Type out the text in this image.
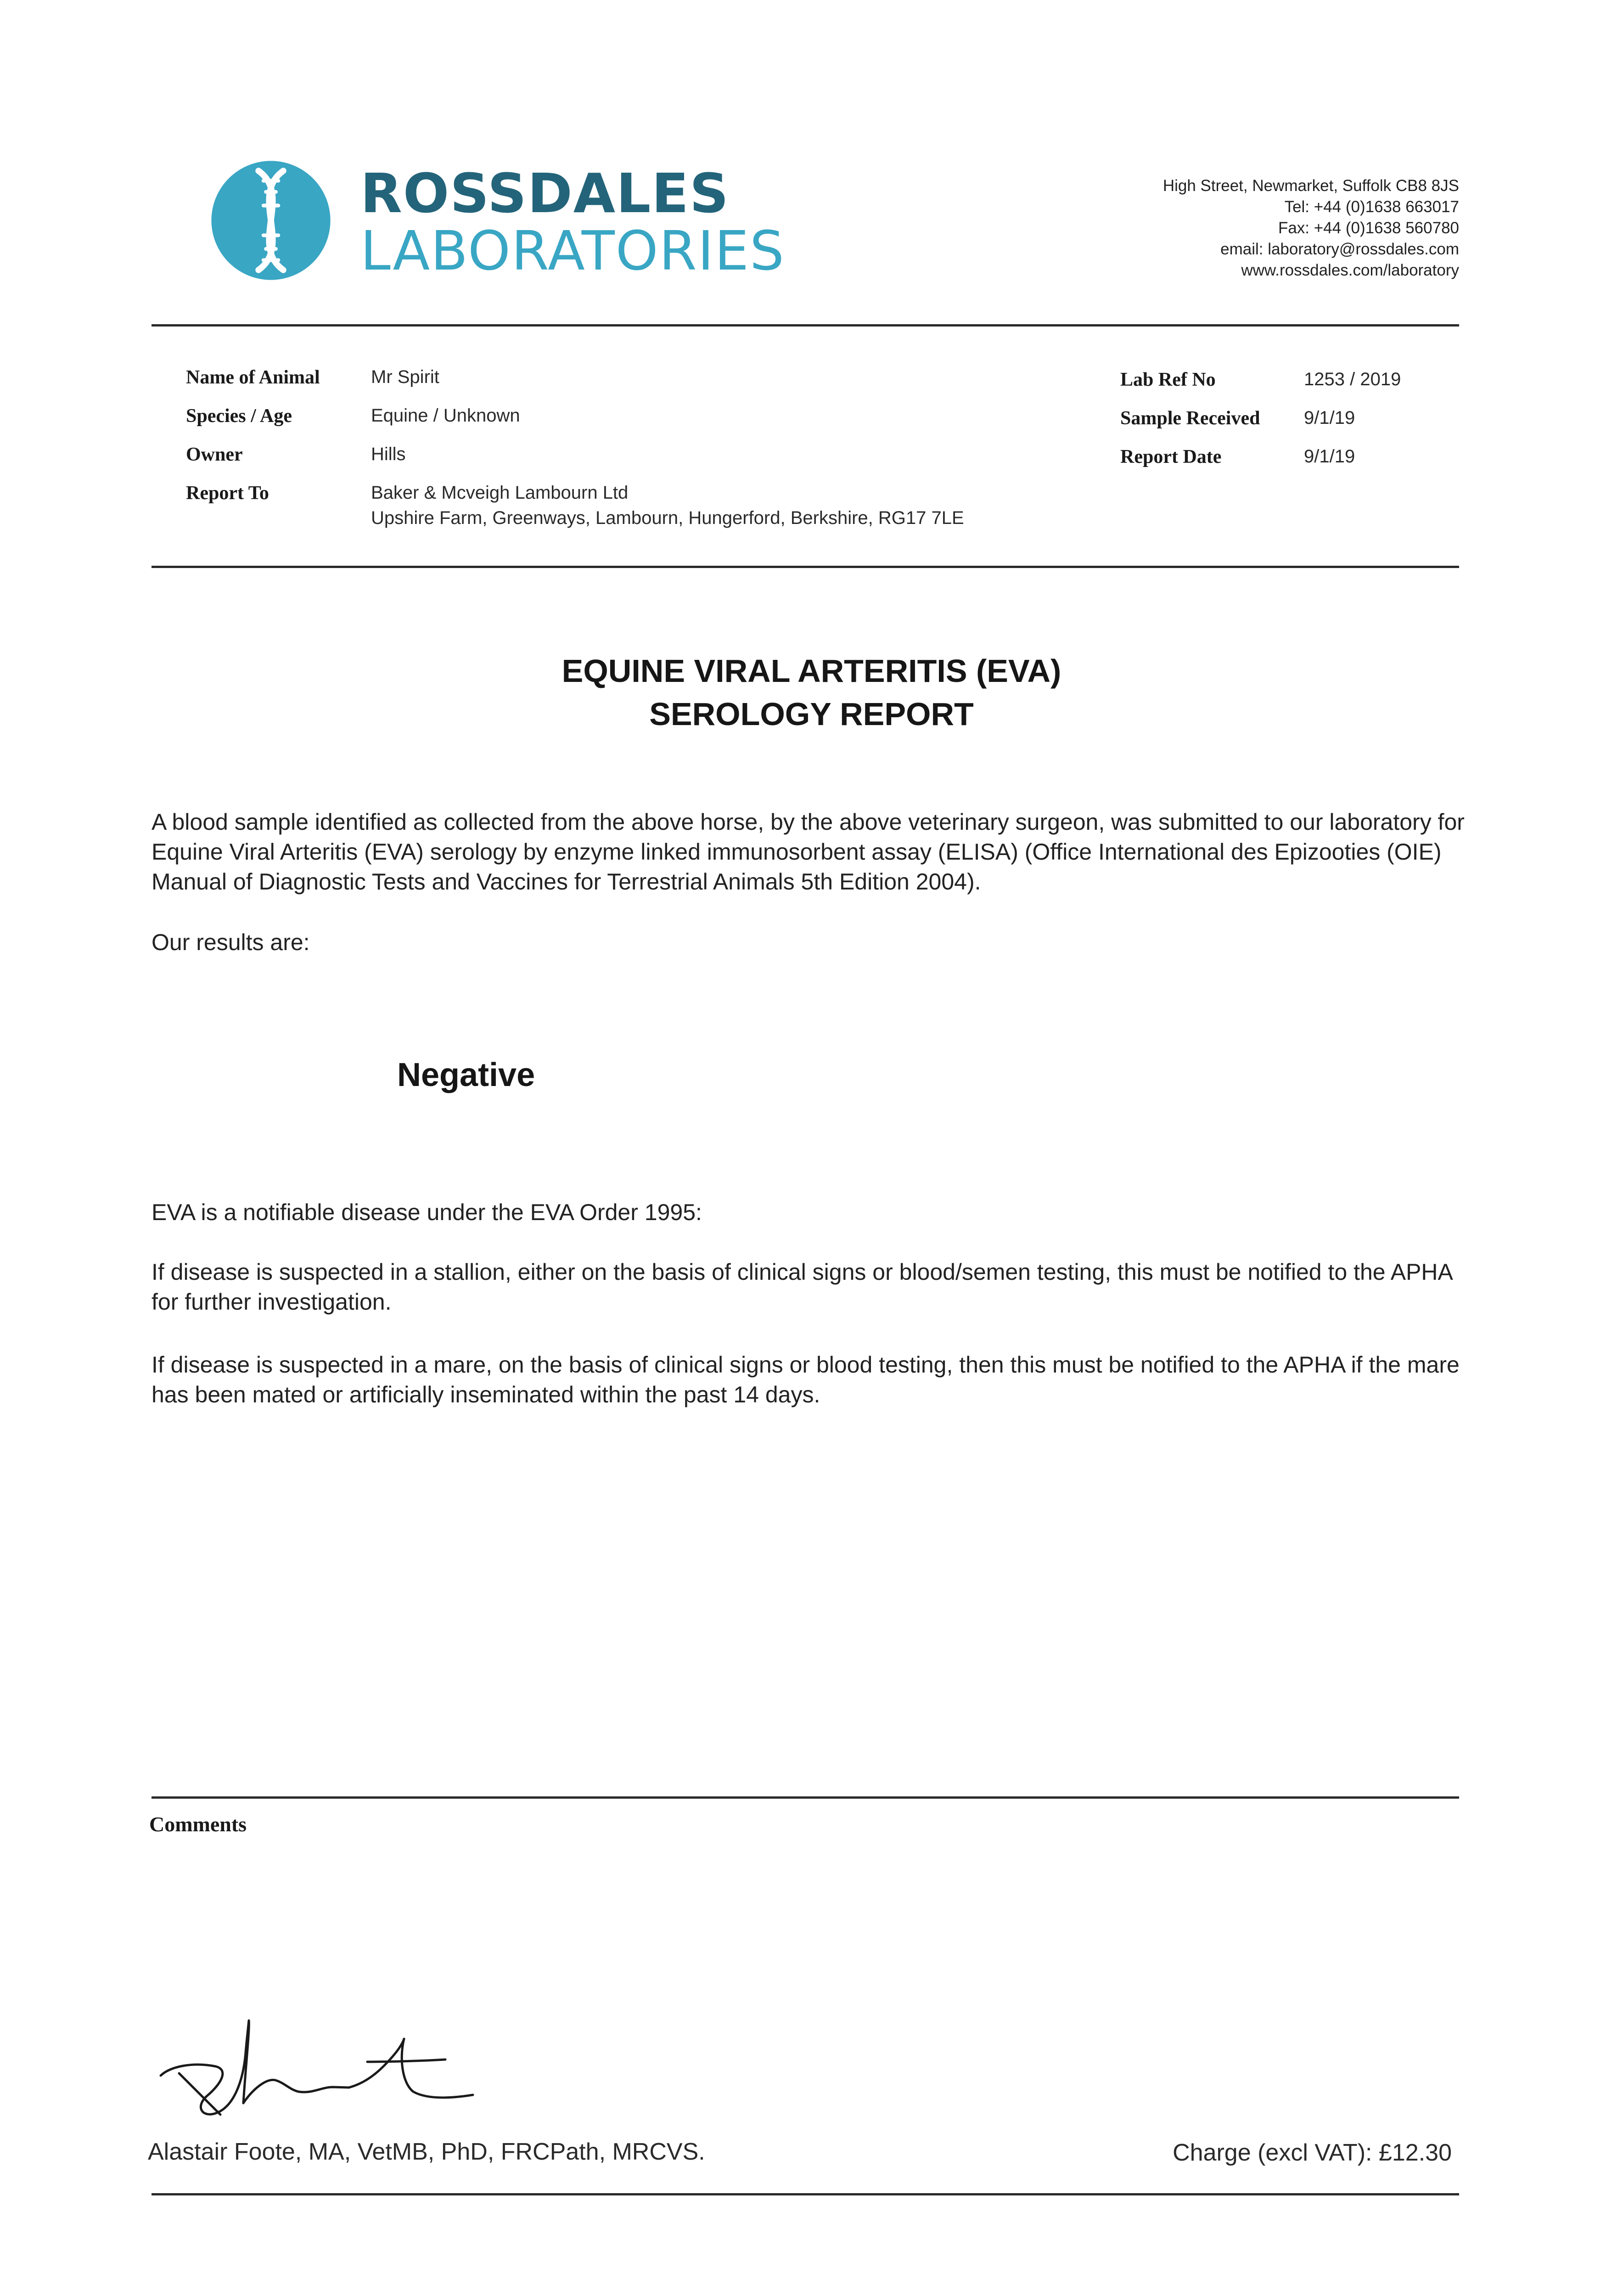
ROSSDALES
LABORATORIES
High Street, Newmarket, Suffolk CB8 8JS
Tel: +44 (0)1638 663017
Fax: +44 (0)1638 560780
email: laboratory@rossdales.com
www.rossdales.com/laboratory
Name of Animal	Mr Spirit
Species / Age	Equine / Unknown
Owner	Hills
Report To	Baker & Mcveigh Lambourn Ltd
Upshire Farm, Greenways, Lambourn, Hungerford, Berkshire, RG17 7LE
Lab Ref No	1253 / 2019
Sample Received 9/1/19
Report Date	9/1/19
EQUINE VIRAL ARTERITIS (EVA)
SEROLOGY REPORT
A blood sample identified as collected from the above horse, by the above veterinary surgeon, was submitted to our laboratory for Equine Viral Arteritis (EVA) serology by enzyme linked immunosorbent assay (ELISA) (Office International des Epizooties (OIE) Manual of Diagnostic Tests and Vaccines for Terrestrial Animals 5th Edition 2004).
Our results are:
Negative
EVA is a notifiable disease under the EVA Order 1995:
If disease is suspected in a stallion, either on the basis of clinical signs or blood/semen testing, this must be notified to the APHA for further investigation.
If disease is suspected in a mare, on the basis of clinical signs or blood testing, then this must be notified to the APHA if the mare has been mated or artificially inseminated within the past 14 days.
Comments
Alastair Foote, MA, VetMB, PhD, FRCPath, MRCVS.	Charge (excl VAT): £12.30
